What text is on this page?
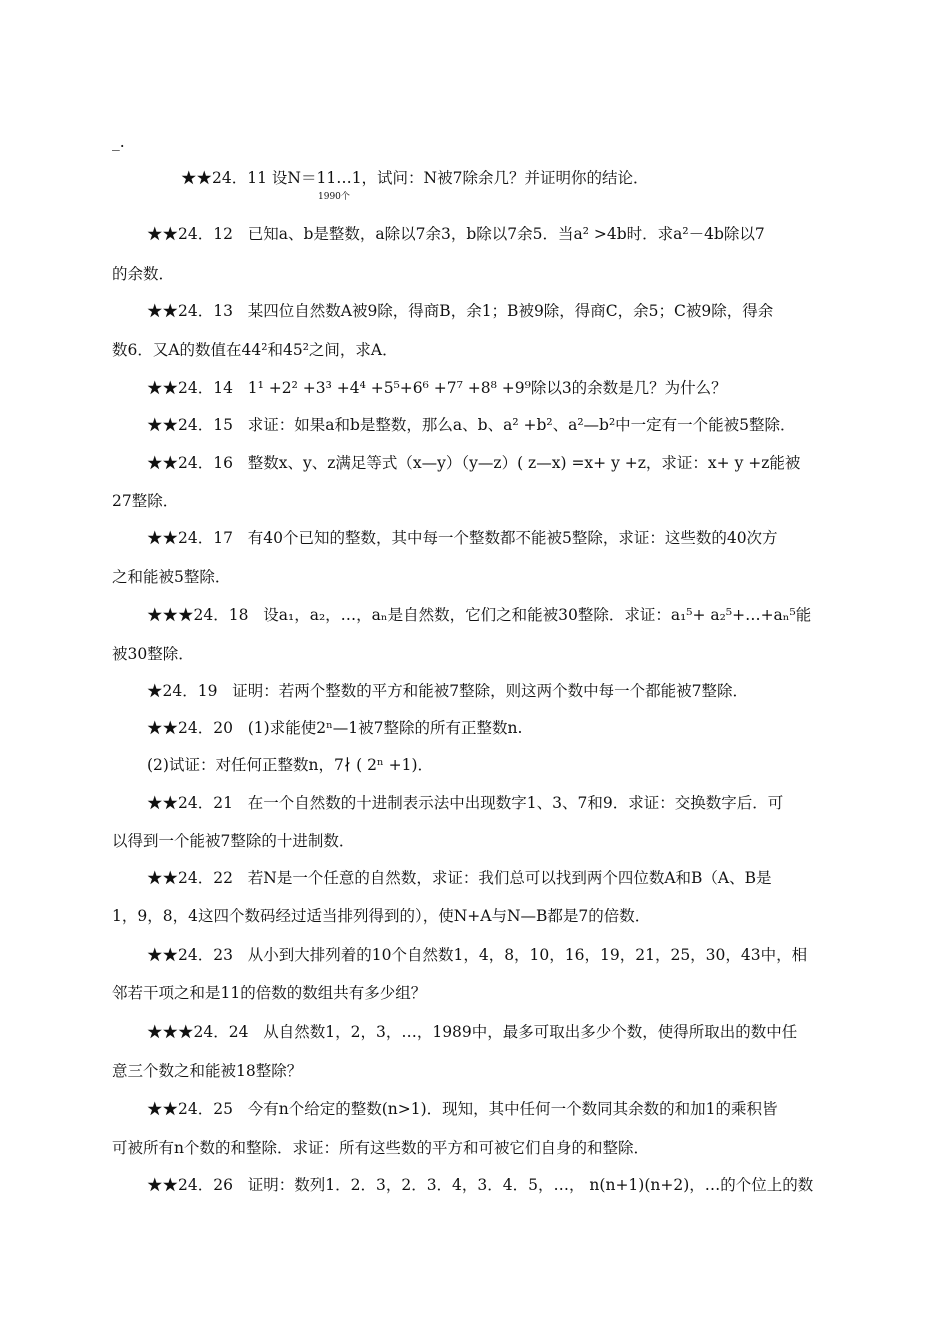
_.
★★24．11 设N＝11…1，试问：N被7除余几？并证明你的结论．
1990个
★★24．12 已知a、b是整数，a除以7余3，b除以7余5．当a² >4b时．求a²－4b除以7
的余数．
★★24．13 某四位自然数A被9除，得商B，余1；B被9除，得商C，余5；C被9除，得余
数6．又A的数值在44²和45²之间，求A．
★★24．14 1¹ +2² +3³ +4⁴ +5⁵+6⁶ +7⁷ +8⁸ +9⁹除以3的余数是几？为什么？
★★24．15 求证：如果a和b是整数，那么a、b、a² +b²、a²—b²中一定有一个能被5整除．
★★24．16 整数x、y、z满足等式（x—y）（y—z）( z—x) =x+ y +z，求证：x+ y +z能被
27整除．
★★24．17 有40个已知的整数，其中每一个整数都不能被5整除，求证：这些数的40次方
之和能被5整除．
★★★24．18 设a₁，a₂，…，aₙ是自然数，它们之和能被30整除．求证：a₁⁵+ a₂⁵+…+aₙ⁵能
被30整除．
★24．19 证明：若两个整数的平方和能被7整除，则这两个数中每一个都能被7整除．
★★24．20 (1)求能使2ⁿ—1被7整除的所有正整数n.
(2)试证：对任何正整数n，7∤ ( 2ⁿ +1)．
★★24．21 在一个自然数的十进制表示法中出现数字1、3、7和9．求证：交换数字后．可
以得到一个能被7整除的十进制数．
★★24．22 若N是一个任意的自然数，求证：我们总可以找到两个四位数A和B（A、B是
1，9，8，4这四个数码经过适当排列得到的），使N+A与N—B都是7的倍数．
★★24．23 从小到大排列着的10个自然数1，4，8，10，16，19，21，25，30，43中，相
邻若干项之和是11的倍数的数组共有多少组？
★★★24．24 从自然数1，2，3，…，1989中，最多可取出多少个数，使得所取出的数中任
意三个数之和能被18整除？
★★24．25 今有n个给定的整数(n>1)．现知，其中任何一个数同其余数的和加1的乘积皆
可被所有n个数的和整除．求证：所有这些数的平方和可被它们自身的和整除．
★★24．26 证明：数列1．2．3，2．3．4，3．4．5，…， n(n+1)(n+2)，…的个位上的数
